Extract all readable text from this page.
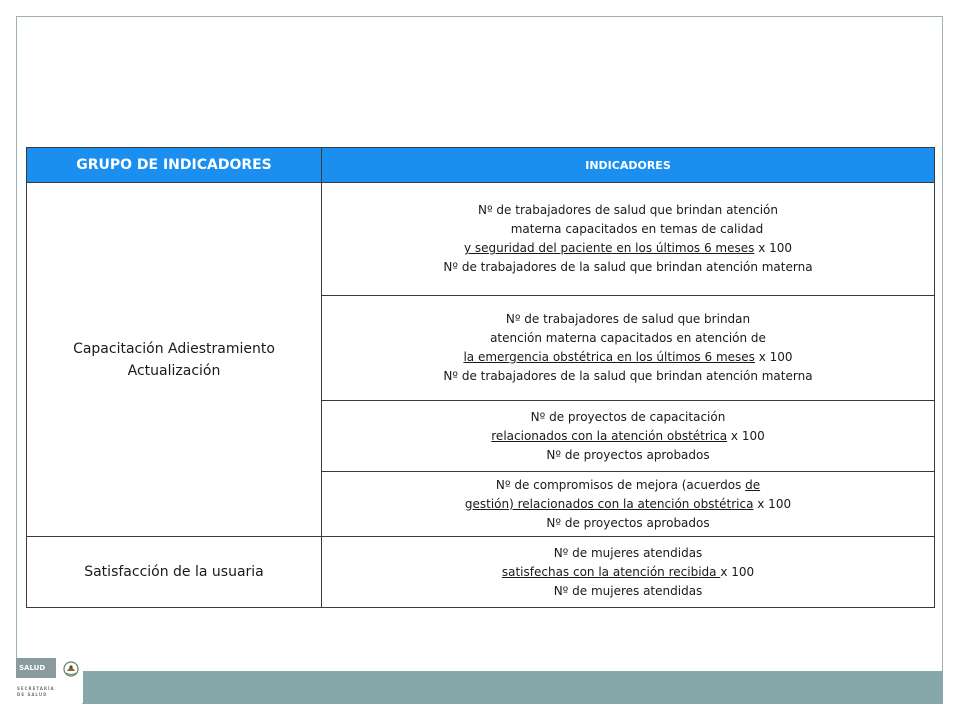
GRUPO DE INDICADORES	INDICADORES
Capacitación Adiestramiento Actualización	Nº de trabajadores de salud que brindan atención
materna capacitados en temas de calidad
y seguridad del paciente en los últimos 6 meses x 100
Nº de trabajadores de la salud que brindan atención materna

	Nº de trabajadores de salud que brindan
atención materna capacitados en atención de
la emergencia obstétrica en los últimos 6 meses x 100
Nº de trabajadores de la salud que brindan atención materna

	Nº de proyectos de capacitación
relacionados con la atención obstétrica x 100
Nº de proyectos aprobados

	Nº de compromisos de mejora (acuerdos de
gestión) relacionados con la atención obstétrica x 100
Nº de proyectos aprobados

Satisfacción de la usuaria	Nº de mujeres atendidas
satisfechas con la atención recibida x 100
Nº de mujeres atendidas
SALUD
SECRETARÍA
DE SALUD
